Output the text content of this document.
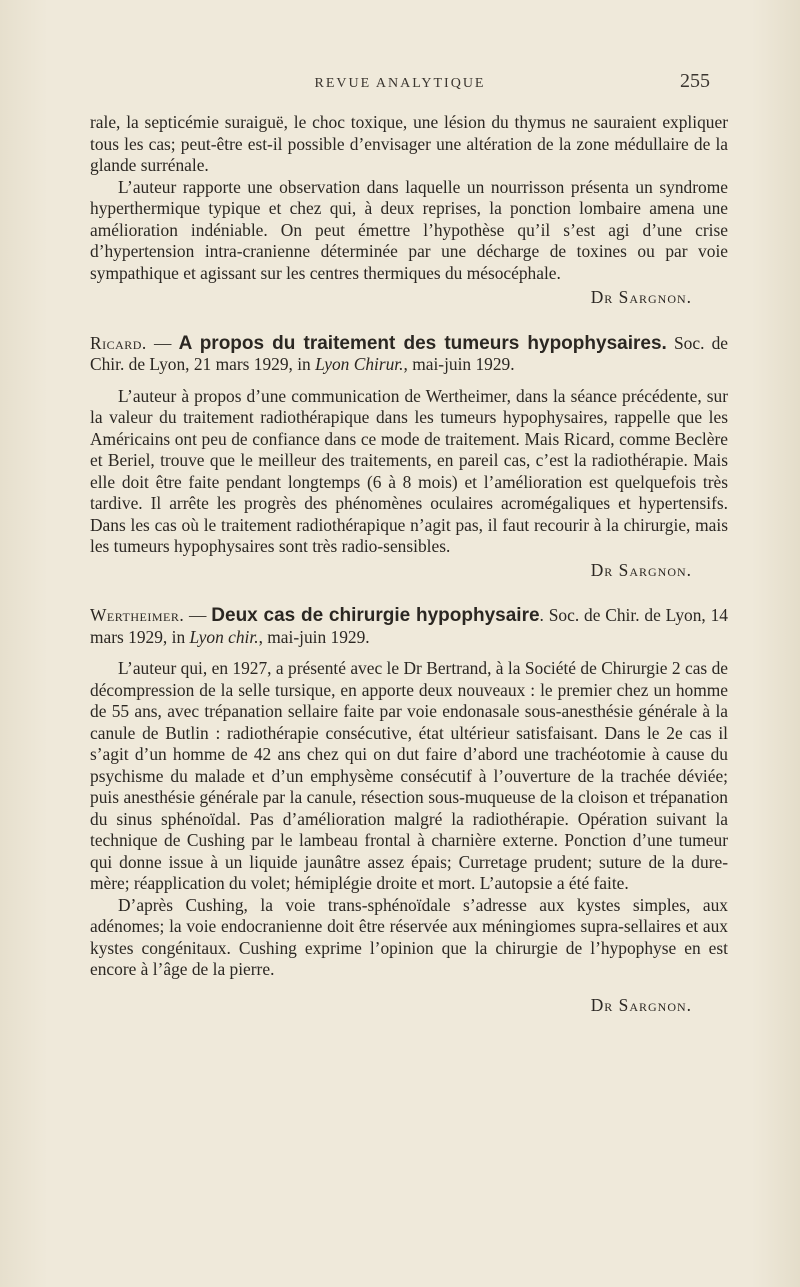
REVUE ANALYTIQUE	255

rale, la septicémie suraiguë, le choc toxique, une lésion du thymus ne sauraient expliquer tous les cas; peut-être est-il possible d’envisager une altération de la zone médullaire de la glande surrénale.

L’auteur rapporte une observation dans laquelle un nourrisson présenta un syndrome hyperthermique typique et chez qui, à deux reprises, la ponction lombaire amena une amélioration indéniable. On peut émettre l’hypothèse qu’il s’est agi d’une crise d’hypertension intra-cranienne déterminée par une décharge de toxines ou par voie sympathique et agissant sur les centres thermiques du mésocéphale.

Dr Sargnon.

Ricard. — A propos du traitement des tumeurs hypophysaires. Soc. de Chir. de Lyon, 21 mars 1929, in Lyon Chirur., mai-juin 1929.

L’auteur à propos d’une communication de Wertheimer, dans la séance précédente, sur la valeur du traitement radiothérapique dans les tumeurs hypophysaires, rappelle que les Américains ont peu de confiance dans ce mode de traitement. Mais Ricard, comme Beclère et Beriel, trouve que le meilleur des traitements, en pareil cas, c’est la radiothérapie. Mais elle doit être faite pendant longtemps (6 à 8 mois) et l’amélioration est quelquefois très tardive. Il arrête les progrès des phénomènes oculaires acromégaliques et hypertensifs. Dans les cas où le traitement radiothérapique n’agit pas, il faut recourir à la chirurgie, mais les tumeurs hypophysaires sont très radio-sensibles.

Dr Sargnon.

Wertheimer. — Deux cas de chirurgie hypophysaire. Soc. de Chir. de Lyon, 14 mars 1929, in Lyon chir., mai-juin 1929.

L’auteur qui, en 1927, a présenté avec le Dr Bertrand, à la Société de Chirurgie 2 cas de décompression de la selle tursique, en apporte deux nouveaux : le premier chez un homme de 55 ans, avec trépanation sellaire faite par voie endonasale sous-anesthésie générale à la canule de Butlin : radiothérapie consécutive, état ultérieur satisfaisant. Dans le 2e cas il s’agit d’un homme de 42 ans chez qui on dut faire d’abord une trachéotomie à cause du psychisme du malade et d’un emphysème consécutif à l’ouverture de la trachée déviée; puis anesthésie générale par la canule, résection sous-muqueuse de la cloison et trépanation du sinus sphénoïdal. Pas d’amélioration malgré la radiothérapie. Opération suivant la technique de Cushing par le lambeau frontal à charnière externe. Ponction d’une tumeur qui donne issue à un liquide jaunâtre assez épais; Curretage prudent; suture de la dure-mère; réapplication du volet; hémiplégie droite et mort. L’autopsie a été faite.

D’après Cushing, la voie trans-sphénoïdale s’adresse aux kystes simples, aux adénomes; la voie endocranienne doit être réservée aux méningiomes supra-sellaires et aux kystes congénitaux. Cushing exprime l’opinion que la chirurgie de l’hypophyse en est encore à l’âge de la pierre.

Dr Sargnon.
